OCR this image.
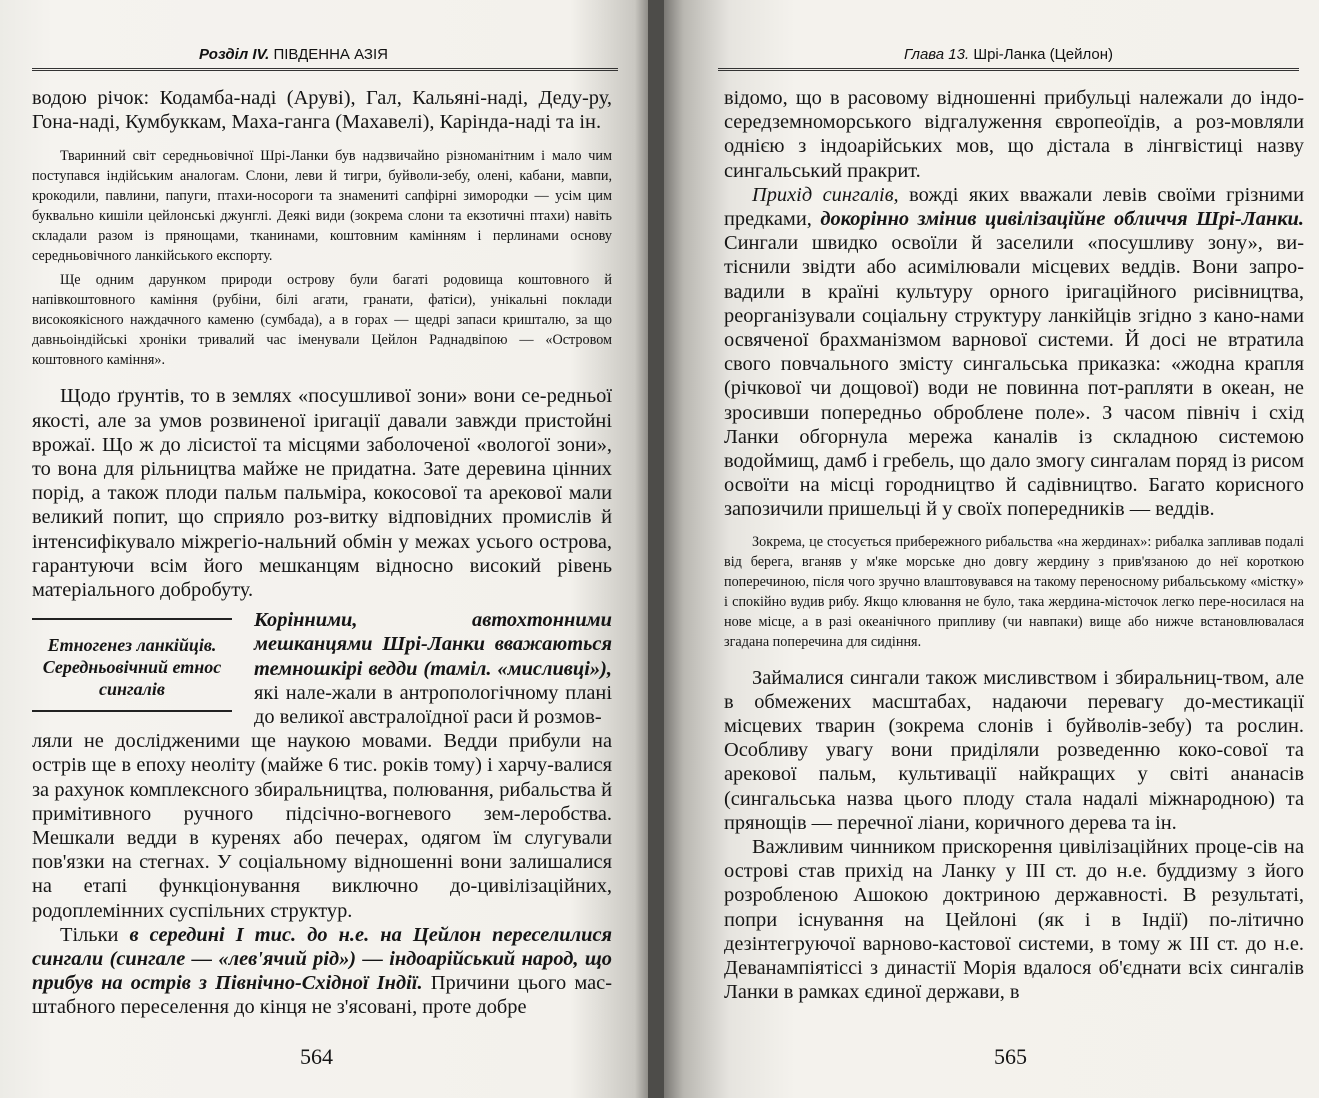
Розділ IV. ПІВДЕННА АЗІЯ

водою річок: Кодамба-наді (Аруві), Гал, Кальяні-наді, Деду-ру, Гона-наді, Кумбуккам, Маха-ганга (Махавелі), Карінда-наді та ін.

Тваринний світ середньовічної Шрі-Ланки був надзвичайно різноманітним і мало чим поступався індійським аналогам. Слони, леви й тигри, буйволи-зебу, олені, кабани, мавпи, крокодили, павлини, папуги, птахи-носороги та знамениті сапфірні зимородки — усім цим буквально кишіли цейлонські джунглі. Деякі види (зокрема слони та екзотичні птахи) навіть складали разом із прянощами, тканинами, коштовним камінням і перлинами основу середньовічного ланкійського експорту.

Ще одним дарунком природи острову були багаті родовища коштовного й напівкоштовного каміння (рубіни, білі агати, гранати, фатіси), унікальні поклади високоякісного наждачного каменю (сумбада), а в горах — щедрі запаси кришталю, за що давньоіндійські хроніки тривалий час іменували Цейлон Раднадвіпою — «Островом коштовного каміння».

Щодо ґрунтів, то в землях «посушливої зони» вони се-редньої якості, але за умов розвиненої іригації давали завжди пристойні врожаї. Що ж до лісистої та місцями заболоченої «вологої зони», то вона для рільництва майже не придатна. Зате деревина цінних порід, а також плоди пальм пальміра, кокосової та арекової мали великий попит, що сприяло роз-витку відповідних промислів й інтенсифікувало міжрегіо-нальний обмін у межах усього острова, гарантуючи всім його мешканцям відносно високий рівень матеріального добробуту.

Етногенез ланкійців. Середньовічний етнос сингалів

Корінними, автохтонними мешканцями Шрі-Ланки вважаються темношкірі ведди (таміл. «мисливці»), які нале-жали в антропологічному плані до великої австралоїдної раси й розмов-

ляли не дослідженими ще наукою мовами. Ведди прибули на острів ще в епоху неоліту (майже 6 тис. років тому) і харчу-валися за рахунок комплексного збиральництва, полювання, рибальства й примітивного ручного підсічно-вогневого зем-леробства. Мешкали ведди в куренях або печерах, одягом їм слугували пов'язки на стегнах. У соціальному відношенні вони залишалися на етапі функціонування виключно до-цивілізаційних, родоплемінних суспільних структур.

Тільки в середині I тис. до н.е. на Цейлон переселилися сингали (сингале — «лев'ячий рід») — індоарійський народ, що прибув на острів з Північно-Східної Індії. Причини цього мас-штабного переселення до кінця не з'ясовані, проте добре

564
Глава 13. Шрі-Ланка (Цейлон)

відомо, що в расовому відношенні прибульці належали до індо-середземноморського відгалуження європеоїдів, а роз-мовляли однією з індоарійських мов, що дістала в лінгвістиці назву сингальський пракрит.

Прихід сингалів, вожді яких вважали левів своїми грізними предками, докорінно змінив цивілізаційне обличчя Шрі-Ланки. Сингали швидко освоїли й заселили «посушливу зону», ви-тіснили звідти або асимілювали місцевих веддів. Вони запро-вадили в країні культуру орного іригаційного рисівництва, реорганізували соціальну структуру ланкійців згідно з кано-нами освяченої брахманізмом варнової системи. Й досі не втратила свого повчального змісту сингальська приказка: «жодна крапля (річкової чи дощової) води не повинна пот-рапляти в океан, не зросивши попередньо оброблене поле». З часом північ і схід Ланки обгорнула мережа каналів із складною системою водоймищ, дамб і гребель, що дало змогу сингалам поряд із рисом освоїти на місці городництво й садівництво. Багато корисного запозичили пришельці й у своїх попередників — веддів.

Зокрема, це стосується прибережного рибальства «на жердинах»: рибалка запливав подалі від берега, вганяв у м'яке морське дно довгу жердину з прив'язаною до неї короткою поперечиною, після чого зручно влаштовувався на такому переносному рибальському «містку» і спокійно вудив рибу. Якщо клювання не було, така жердина-місточок легко пере-носилася на нове місце, а в разі океанічного припливу (чи навпаки) вище або нижче встановлювалася згадана поперечина для сидіння.

Займалися сингали також мисливством і збиральниц-твом, але в обмежених масштабах, надаючи перевагу до-местикації місцевих тварин (зокрема слонів і буйволів-зебу) та рослин. Особливу увагу вони приділяли розведенню коко-сової та арекової пальм, культивації найкращих у світі ананасів (сингальська назва цього плоду стала надалі міжнародною) та прянощів — перечної ліани, коричного дерева та ін.

Важливим чинником прискорення цивілізаційних проце-сів на острові став прихід на Ланку у III ст. до н.е. буддизму з його розробленою Ашокою доктриною державності. В результаті, попри існування на Цейлоні (як і в Індії) по-літично дезінтегруючої варново-кастової системи, в тому ж III ст. до н.е. Деванампіятіссі з династії Морія вдалося об'єднати всіх сингалів Ланки в рамках єдиної держави, в

565
